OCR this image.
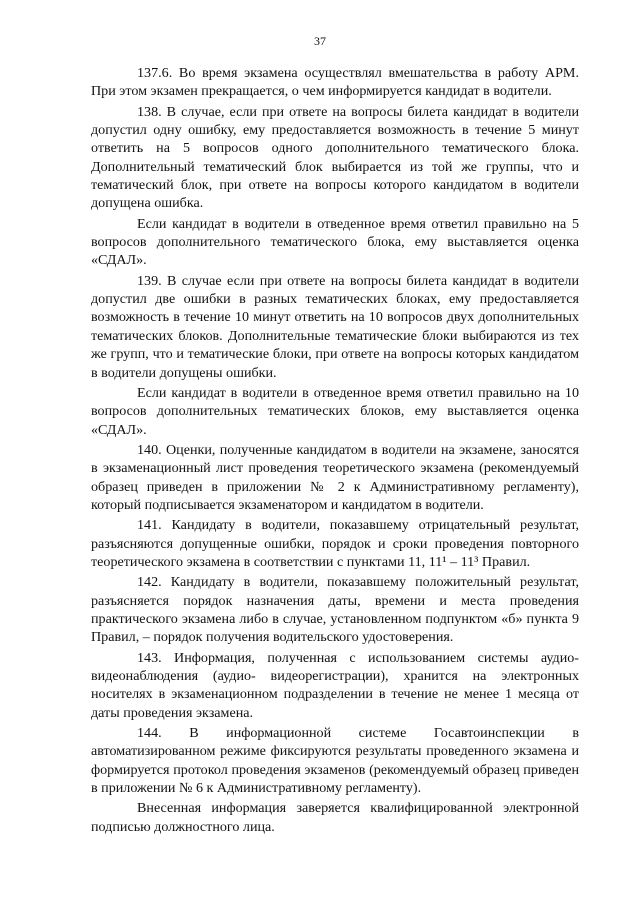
37

137.6. Во время экзамена осуществлял вмешательства в работу АРМ. При этом экзамен прекращается, о чем информируется кандидат в водители.

138. В случае, если при ответе на вопросы билета кандидат в водители допустил одну ошибку, ему предоставляется возможность в течение 5 минут ответить на 5 вопросов одного дополнительного тематического блока. Дополнительный тематический блок выбирается из той же группы, что и тематический блок, при ответе на вопросы которого кандидатом в водители допущена ошибка.

Если кандидат в водители в отведенное время ответил правильно на 5 вопросов дополнительного тематического блока, ему выставляется оценка «СДАЛ».

139. В случае если при ответе на вопросы билета кандидат в водители допустил две ошибки в разных тематических блоках, ему предоставляется возможность в течение 10 минут ответить на 10 вопросов двух дополнительных тематических блоков. Дополнительные тематические блоки выбираются из тех же групп, что и тематические блоки, при ответе на вопросы которых кандидатом в водители допущены ошибки.

Если кандидат в водители в отведенное время ответил правильно на 10 вопросов дополнительных тематических блоков, ему выставляется оценка «СДАЛ».

140. Оценки, полученные кандидатом в водители на экзамене, заносятся в экзаменационный лист проведения теоретического экзамена (рекомендуемый образец приведен в приложении № 2 к Административному регламенту), который подписывается экзаменатором и кандидатом в водители.

141. Кандидату в водители, показавшему отрицательный результат, разъясняются допущенные ошибки, порядок и сроки проведения повторного теоретического экзамена в соответствии с пунктами 11, 11¹ – 11³ Правил.

142. Кандидату в водители, показавшему положительный результат, разъясняется порядок назначения даты, времени и места проведения практического экзамена либо в случае, установленном подпунктом «б» пункта 9 Правил, – порядок получения водительского удостоверения.

143. Информация, полученная с использованием системы аудио-видеонаблюдения (аудио- видеорегистрации), хранится на электронных носителях в экзаменационном подразделении в течение не менее 1 месяца от даты проведения экзамена.

144. В информационной системе Госавтоинспекции в автоматизированном режиме фиксируются результаты проведенного экзамена и формируется протокол проведения экзаменов (рекомендуемый образец приведен в приложении № 6 к Административному регламенту).

Внесенная информация заверяется квалифицированной электронной подписью должностного лица.
